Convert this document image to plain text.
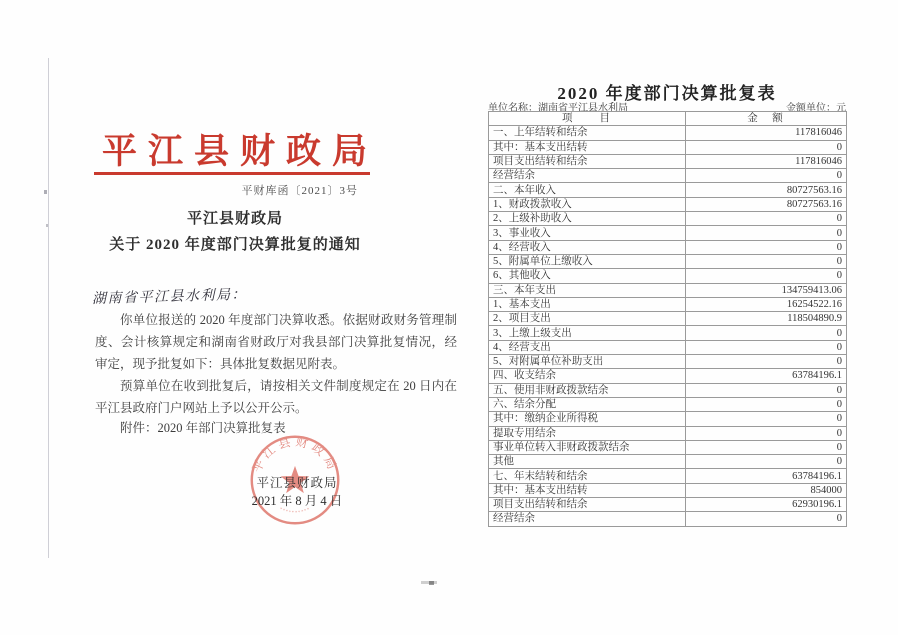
平江县财政局
平财库函〔2021〕3号
平江县财政局
关于 2020 年度部门决算批复的通知
湖南省平江县水利局：

你单位报送的 2020 年度部门决算收悉。依据财政财务管理制度、会计核算规定和湖南省财政厅对我县部门决算批复情况，经审定，现予批复如下：具体批复数据见附表。

预算单位在收到批复后，请按相关文件制度规定在 20 日内在平江县政府门户网站上予以公开公示。

附件：2020 年部门决算批复表
平江县财政局
**********
平江县财政局
2021 年 8 月 4 日
2020 年度部门决算批复表
单位名称：湖南省平江县水利局	金额单位：元
项　　目	金　额
一、上年结转和结余	117816046
其中：基本支出结转	0
项目支出结转和结余	117816046
经营结余	0
二、本年收入	80727563.16
1、财政拨款收入	80727563.16
2、上级补助收入	0
3、事业收入	0
4、经营收入	0
5、附属单位上缴收入	0
6、其他收入	0
三、本年支出	134759413.06
1、基本支出	16254522.16
2、项目支出	118504890.9
3、上缴上级支出	0
4、经营支出	0
5、对附属单位补助支出	0
四、收支结余	63784196.1
五、使用非财政拨款结余	0
六、结余分配	0
其中：缴纳企业所得税	0
提取专用结余	0
事业单位转入非财政拨款结余	0
其他	0
七、年末结转和结余	63784196.1
其中：基本支出结转	854000
项目支出结转和结余	62930196.1
经营结余	0
